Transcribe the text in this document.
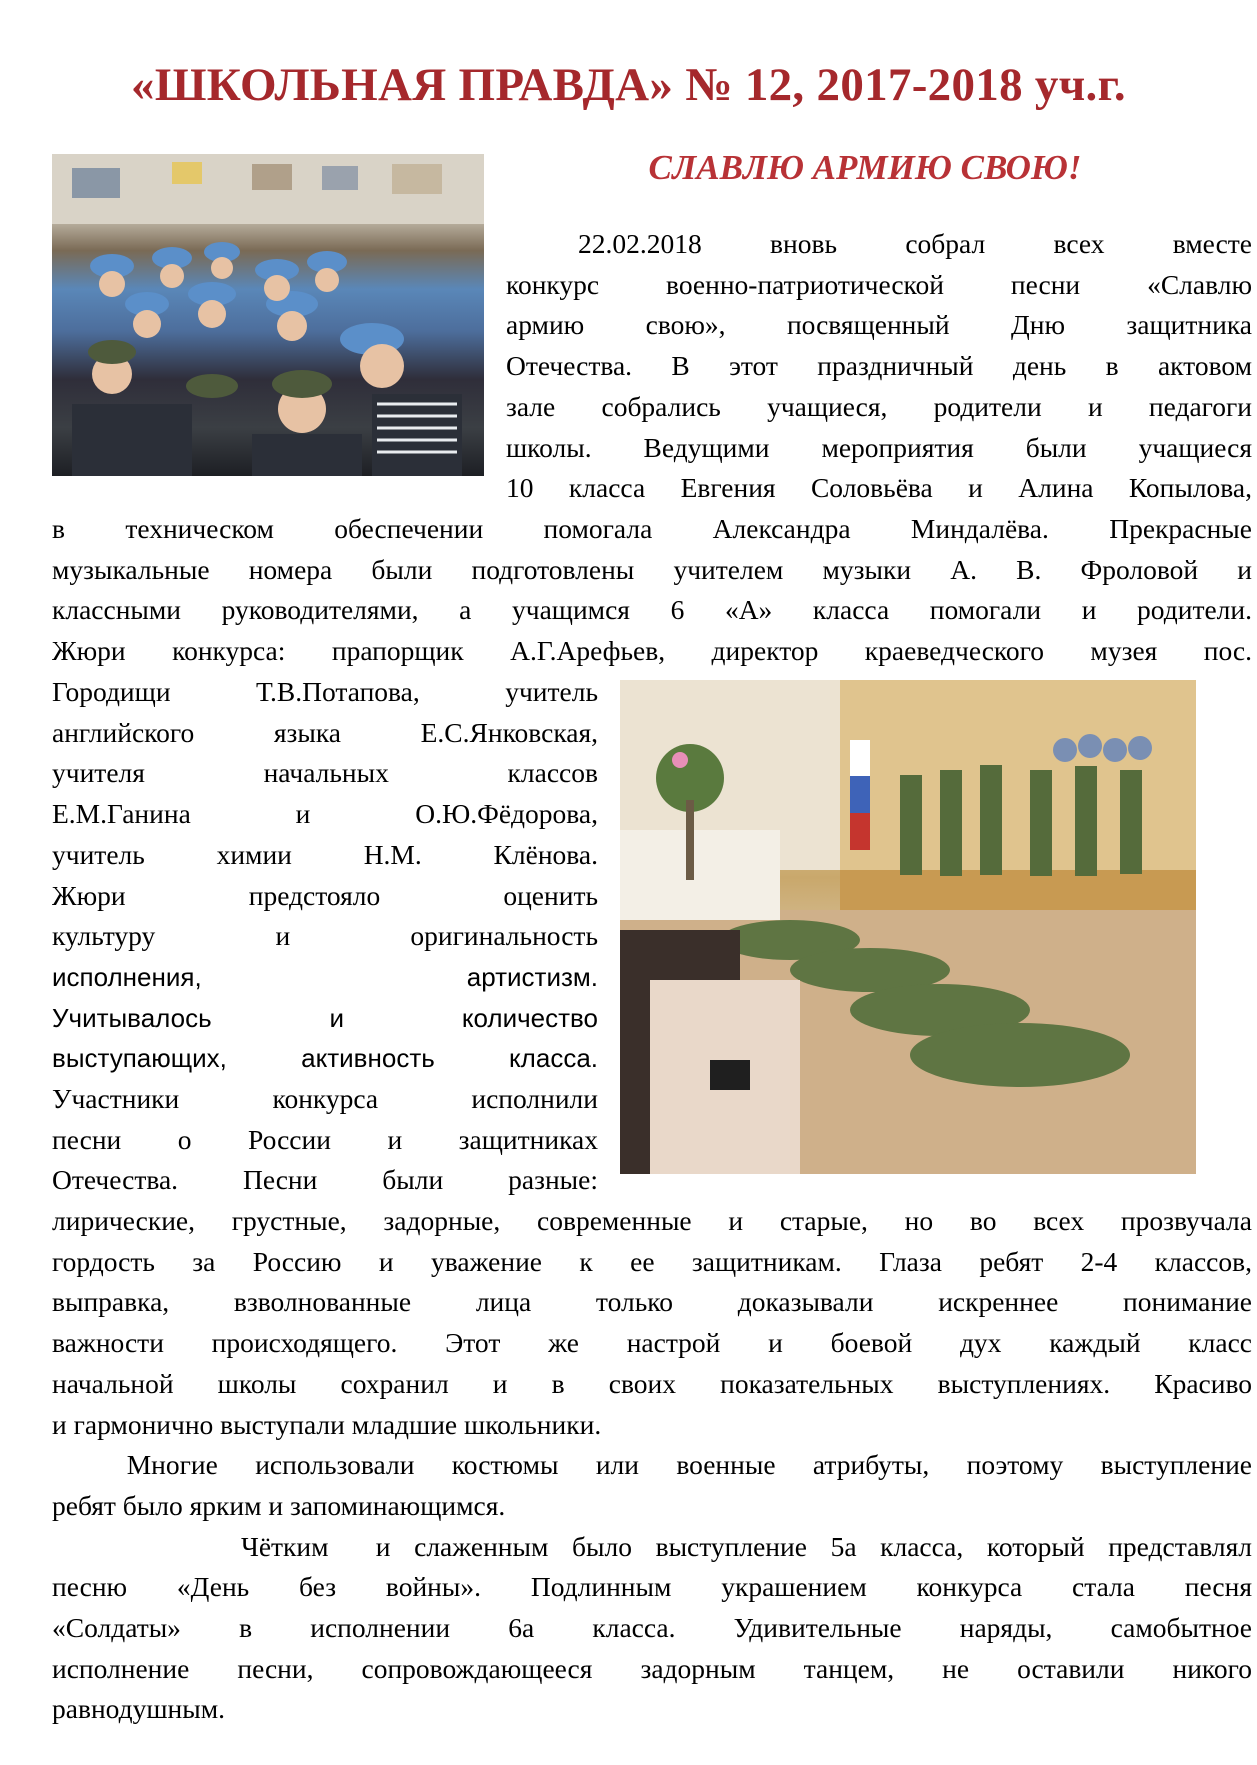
«ШКОЛЬНАЯ ПРАВДА» № 12, 2017-2018 уч.г.
СЛАВЛЮ АРМИЮ СВОЮ!

22.02.2018 вновь собрал всех вместе

конкурс военно-патриотической песни «Славлю

армию свою», посвященный Дню защитника

Отечества. В этот праздничный день в актовом

зале собрались учащиеся, родители и педагоги

школы. Ведущими мероприятия были учащиеся

10 класса Евгения Соловьёва и Алина Копылова,

в техническом обеспечении помогала Александра Миндалёва. Прекрасные

музыкальные номера были подготовлены учителем музыки А. В. Фроловой и

классными руководителями, а учащимся 6 «А» класса помогали и родители.

Жюри конкурса: прапорщик А.Г.Арефьев, директор краеведческого музея пос.

Городищи Т.В.Потапова, учитель

английского языка Е.С.Янковская,

учителя начальных классов

Е.М.Ганина и О.Ю.Фёдорова,

учитель химии Н.М. Клёнова.

Жюри предстояло оценить

культуру и оригинальность

исполнения, артистизм.

Учитывалось и количество

выступающих, активность класса.

Участники конкурса исполнили

песни о России и защитниках

Отечества. Песни были разные:

лирические, грустные, задорные, современные и старые, но во всех прозвучала

гордость за Россию и уважение к ее защитникам. Глаза ребят 2-4 классов,

выправка, взволнованные лица только доказывали искреннее понимание

важности происходящего. Этот же настрой и боевой дух каждый класс

начальной школы сохранил и в своих показательных выступлениях. Красиво

и гармонично выступали младшие школьники.

Многие использовали костюмы или военные атрибуты, поэтому выступление

ребят было ярким и запоминающимся.

Чётким  и слаженным было выступление 5а класса, который представлял

песню «День без войны». Подлинным украшением конкурса стала песня

«Солдаты» в исполнении 6а класса. Удивительные наряды, самобытное

исполнение песни, сопровождающееся задорным танцем, не оставили никого

равнодушным.
